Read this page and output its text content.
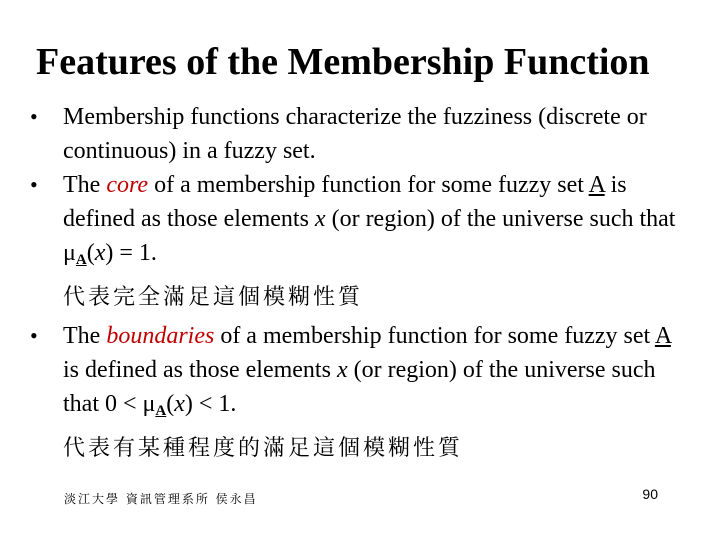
Features of the Membership Function
• Membership functions characterize the fuzziness (discrete or continuous) in a fuzzy set.
• The core of a membership function for some fuzzy set A is defined as those elements x (or region) of the universe such that μA(x) = 1.
代表完全滿足這個模糊性質
• The boundaries of a membership function for some fuzzy set A is defined as those elements x (or region) of the universe such that 0 < μA(x) < 1.
代表有某種程度的滿足這個模糊性質
淡江大學 資訊管理系所 侯永昌	90
